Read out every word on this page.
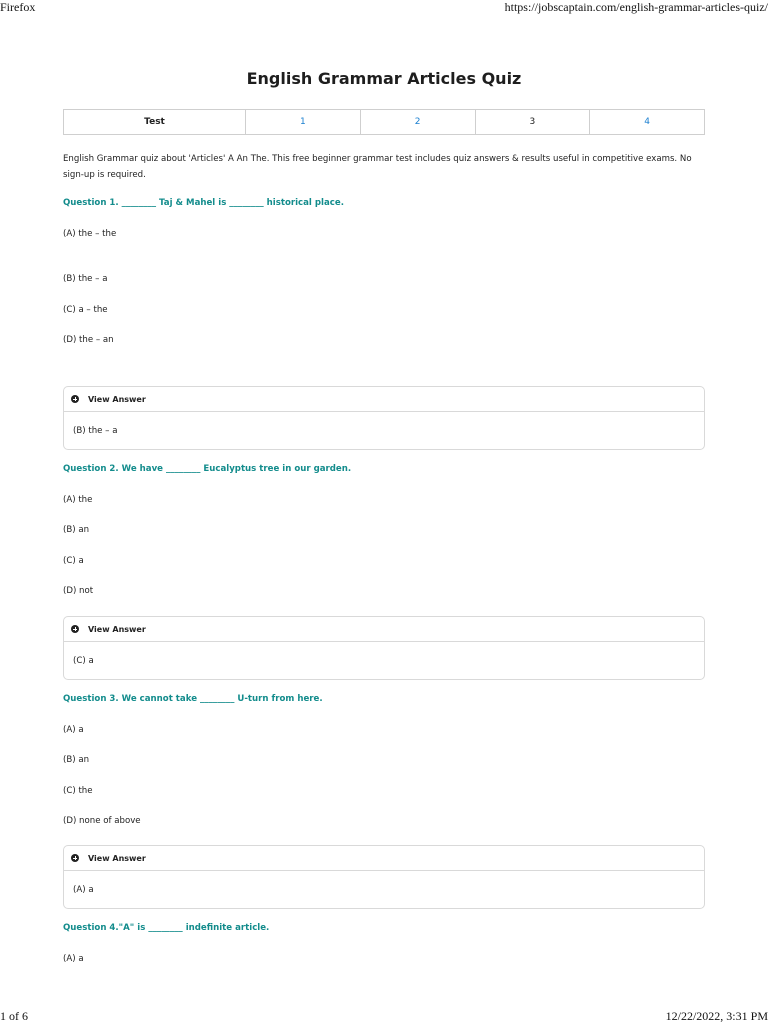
Firefox	https://jobscaptain.com/english-grammar-articles-quiz/
English Grammar Articles Quiz
Test	1	2	3	4
English Grammar quiz about 'Articles' A An The. This free beginner grammar test includes quiz answers & results useful in competitive exams. No sign-up is required.
Question 1. ________ Taj & Mahel is ________ historical place.
(A) the – the
(B) the – a
(C) a – the
(D) the – an
View Answer
(B) the – a
Question 2. We have ________ Eucalyptus tree in our garden.
(A) the
(B) an
(C) a
(D) not
View Answer
(C) a
Question 3. We cannot take ________ U-turn from here.
(A) a
(B) an
(C) the
(D) none of above
View Answer
(A) a
Question 4."A" is ________ indefinite article.
(A) a
1 of 6	12/22/2022, 3:31 PM
